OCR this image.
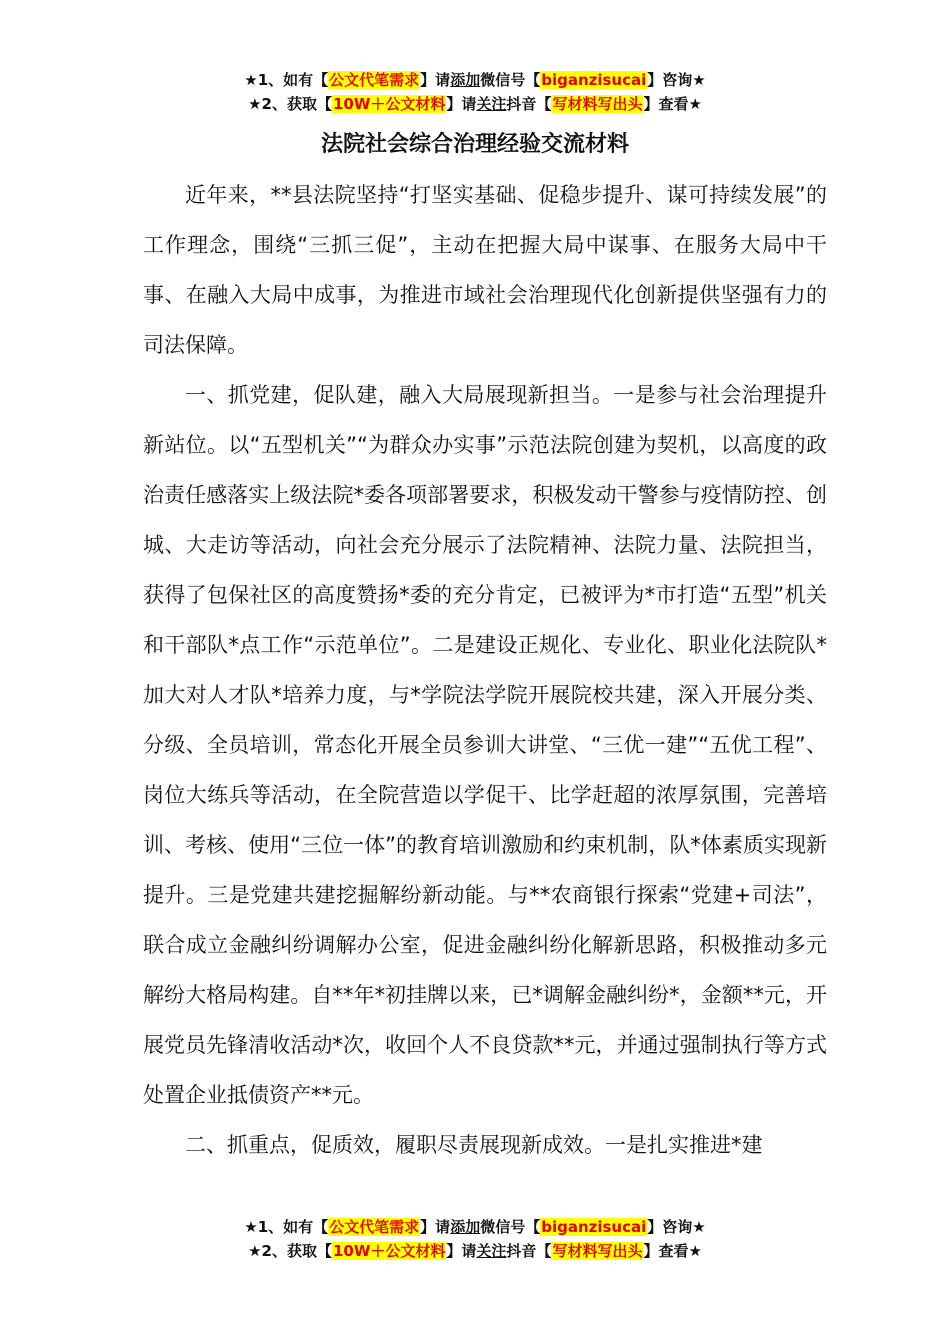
★1、如有【公文代笔需求】请添加微信号【biganzisucai】咨询★
★2、获取【10W＋公文材料】请关注抖音【写材料写出头】查看★
法院社会综合治理经验交流材料

近年来，**县法院坚持“打坚实基础、促稳步提升、谋可持续发展”的工作理念，围绕“三抓三促”，主动在把握大局中谋事、在服务大局中干事、在融入大局中成事，为推进市域社会治理现代化创新提供坚强有力的司法保障。

一、抓党建，促队建，融入大局展现新担当。一是参与社会治理提升新站位。以“五型机关”“为群众办实事”示范法院创建为契机，以高度的政治责任感落实上级法院*委各项部署要求，积极发动干警参与疫情防控、创城、大走访等活动，向社会充分展示了法院精神、法院力量、法院担当，获得了包保社区的高度赞扬*委的充分肯定，已被评为*市打造“五型”机关和干部队*点工作“示范单位”。二是建设正规化、专业化、职业化法院队*加大对人才队*培养力度，与*学院法学院开展院校共建，深入开展分类、分级、全员培训，常态化开展全员参训大讲堂、“三优一建”“五优工程”、岗位大练兵等活动，在全院营造以学促干、比学赶超的浓厚氛围，完善培训、考核、使用“三位一体”的教育培训激励和约束机制，队*体素质实现新提升。三是党建共建挖掘解纷新动能。与**农商银行探索“党建+司法”，联合成立金融纠纷调解办公室，促进金融纠纷化解新思路，积极推动多元解纷大格局构建。自**年*初挂牌以来，已*调解金融纠纷*，金额**元，开展党员先锋清收活动*次，收回个人不良贷款**元，并通过强制执行等方式处置企业抵债资产**元。

二、抓重点，促质效，履职尽责展现新成效。一是扎实推进*建

★1、如有【公文代笔需求】请添加微信号【biganzisucai】咨询★
★2、获取【10W＋公文材料】请关注抖音【写材料写出头】查看★
